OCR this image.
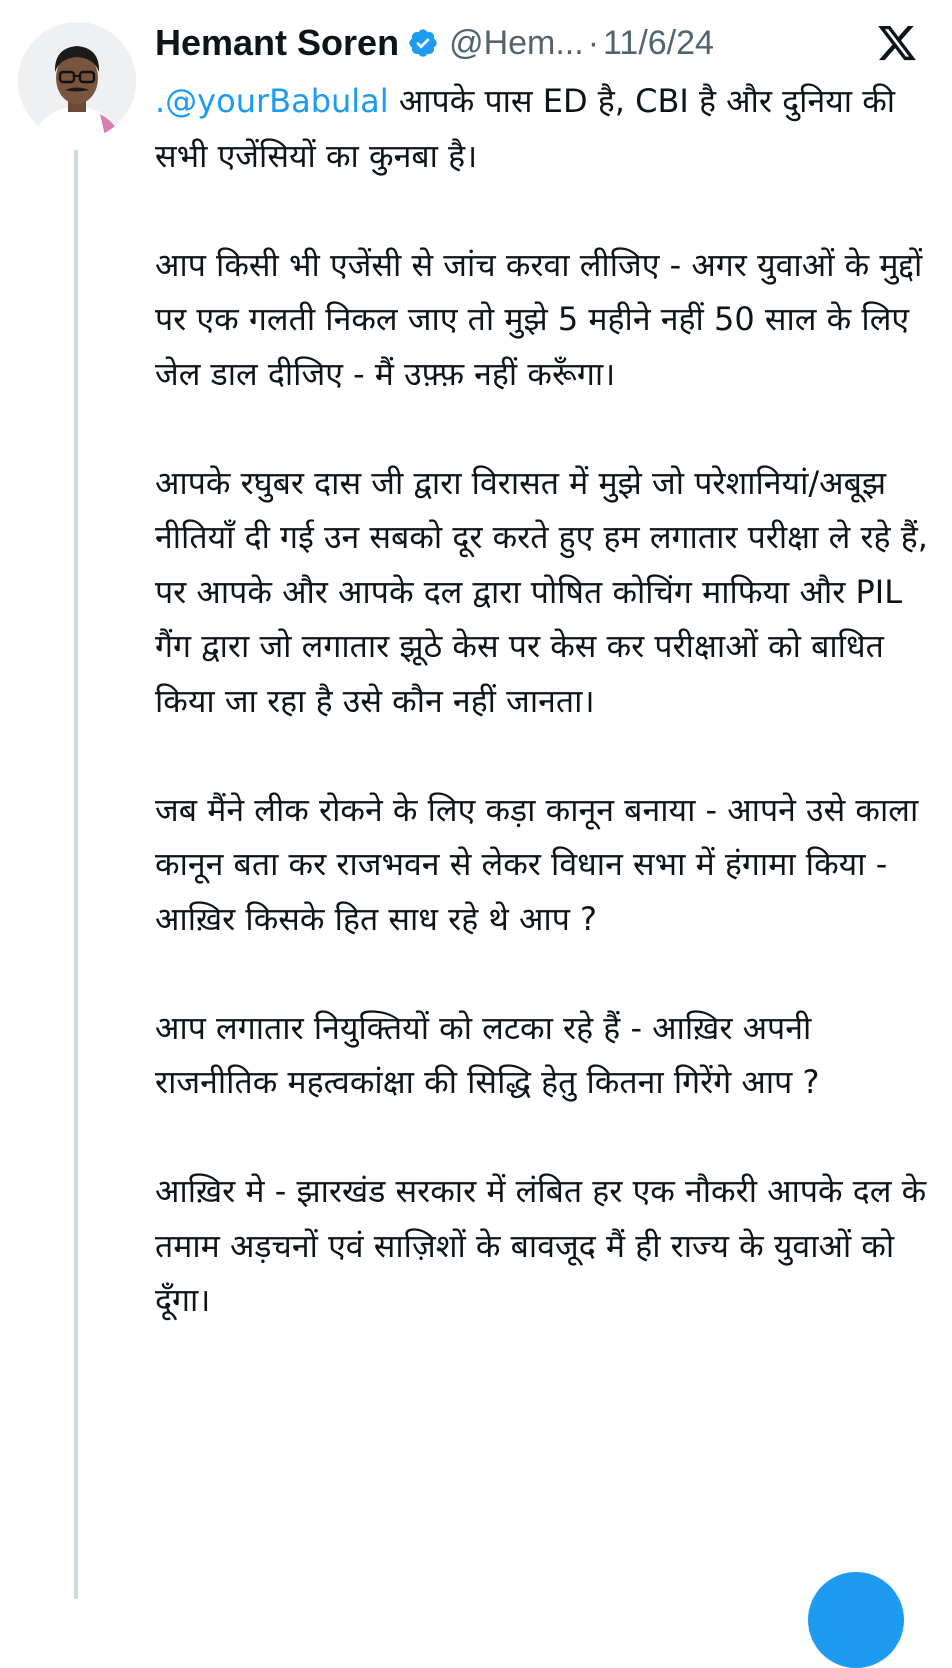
Hemant Soren @Hem... · 11/6/24

.@yourBabulal आपके पास ED है, CBI है और दुनिया की सभी एजेंसियों का कुनबा है।

आप किसी भी एजेंसी से जांच करवा लीजिए - अगर युवाओं के मुद्दों पर एक गलती निकल जाए तो मुझे 5 महीने नहीं 50 साल के लिए जेल डाल दीजिए - मैं उफ़्फ़ नहीं करूँगा।

आपके रघुबर दास जी द्वारा विरासत में मुझे जो परेशानियां/अबूझ नीतियाँ दी गई उन सबको दूर करते हुए हम लगातार परीक्षा ले रहे हैं, पर आपके और आपके दल द्वारा पोषित कोचिंग माफिया और PIL गैंग द्वारा जो लगातार झूठे केस पर केस कर परीक्षाओं को बाधित किया जा रहा है उसे कौन नहीं जानता।

जब मैंने लीक रोकने के लिए कड़ा कानून बनाया - आपने उसे काला कानून बता कर राजभवन से लेकर विधान सभा में हंगामा किया - आख़िर किसके हित साध रहे थे आप ?

आप लगातार नियुक्तियों को लटका रहे हैं - आख़िर अपनी राजनीतिक महत्वकांक्षा की सिद्धि हेतु कितना गिरेंगे आप ?

आख़िर मे - झारखंड सरकार में लंबित हर एक नौकरी आपके दल के तमाम अड़चनों एवं साज़िशों के बावजूद मैं ही राज्य के युवाओं को दूँगा।
